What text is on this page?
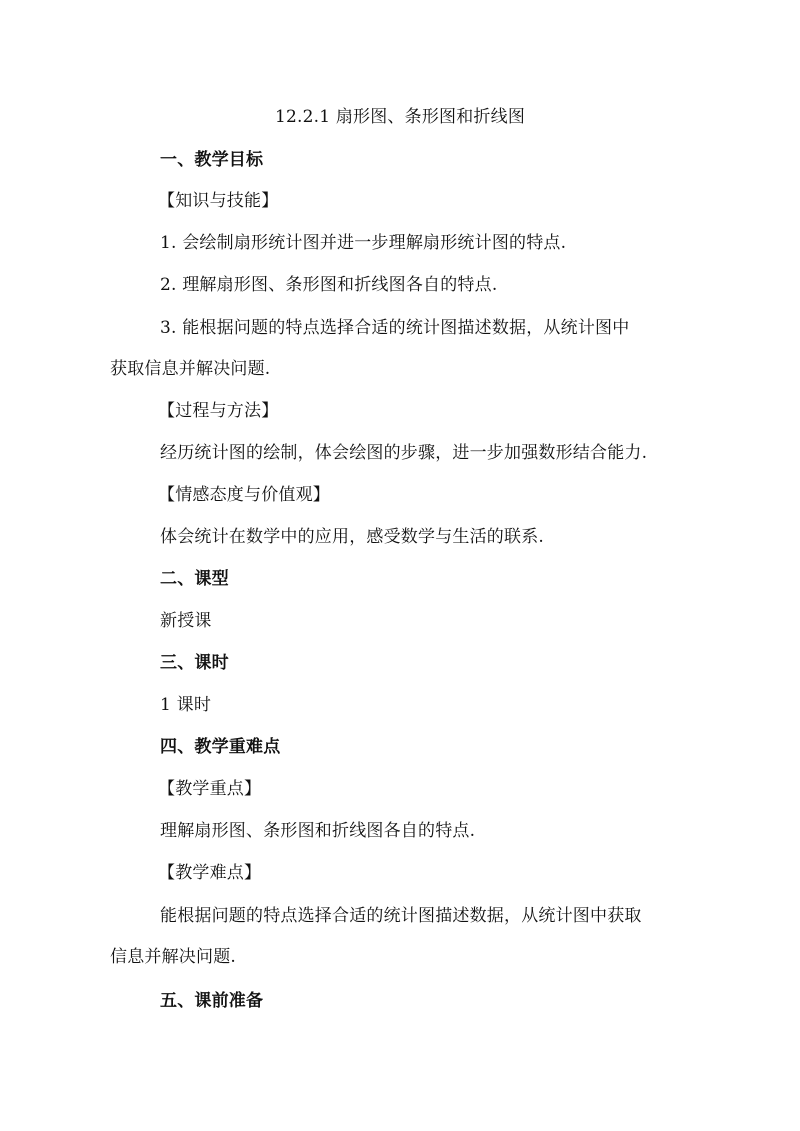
12.2.1 扇形图、条形图和折线图
一、教学目标
【知识与技能】
1. 会绘制扇形统计图并进一步理解扇形统计图的特点.
2. 理解扇形图、条形图和折线图各自的特点.
3. 能根据问题的特点选择合适的统计图描述数据，从统计图中
获取信息并解决问题.
【过程与方法】
经历统计图的绘制，体会绘图的步骤，进一步加强数形结合能力.
【情感态度与价值观】
体会统计在数学中的应用，感受数学与生活的联系.
二、课型
新授课
三、课时
1 课时
四、教学重难点
【教学重点】
理解扇形图、条形图和折线图各自的特点.
【教学难点】
能根据问题的特点选择合适的统计图描述数据，从统计图中获取
信息并解决问题.
五、课前准备
